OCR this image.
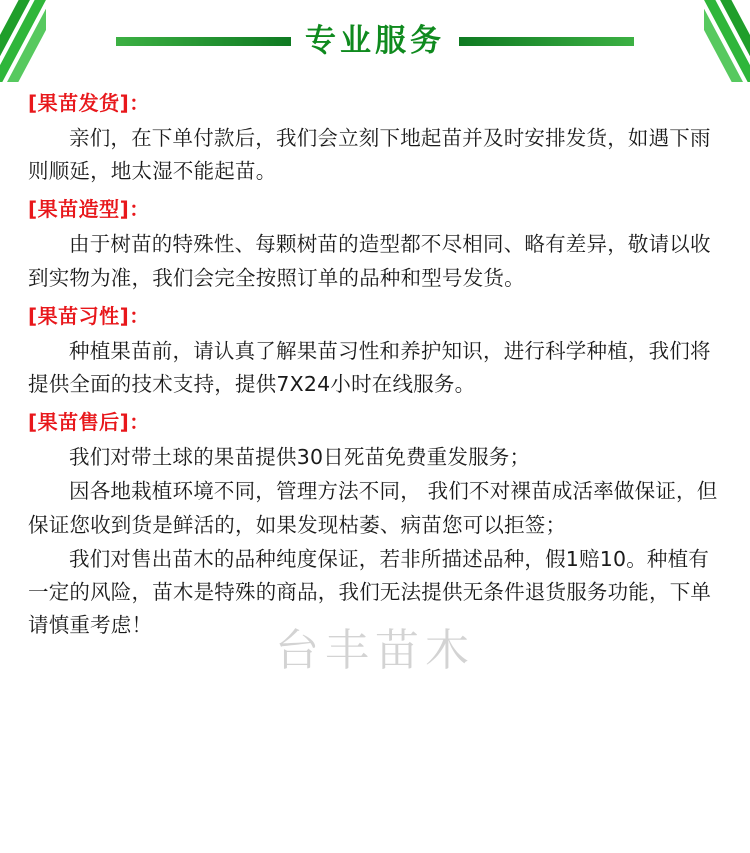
专业服务
[果苗发货]：

亲们，在下单付款后，我们会立刻下地起苗并及时安排发货，如遇下雨则顺延，地太湿不能起苗。

[果苗造型]：

由于树苗的特殊性、每颗树苗的造型都不尽相同、略有差异，敬请以收到实物为准，我们会完全按照订单的品种和型号发货。

[果苗习性]：

种植果苗前，请认真了解果苗习性和养护知识，进行科学种植，我们将提供全面的技术支持，提供7X24小时在线服务。

[果苗售后]：

我们对带土球的果苗提供30日死苗免费重发服务；

因各地栽植环境不同，管理方法不同， 我们不对裸苗成活率做保证，但保证您收到货是鲜活的，如果发现枯萎、病苗您可以拒签；

我们对售出苗木的品种纯度保证，若非所描述品种，假1赔10。种植有一定的风险，苗木是特殊的商品，我们无法提供无条件退货服务功能，下单请慎重考虑！	台丰苗木
